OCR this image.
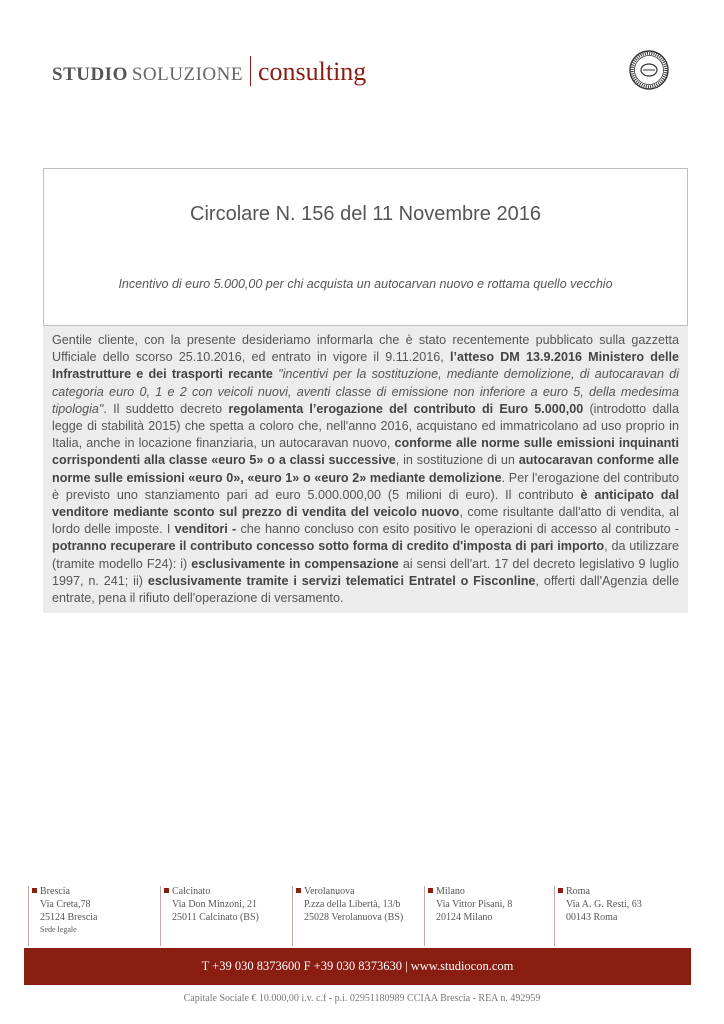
STUDIO SOLUZIONE consulting
Circolare N. 156 del 11 Novembre 2016
Incentivo di euro 5.000,00 per chi acquista un autocarvan nuovo e rottama quello vecchio
Gentile cliente, con la presente desideriamo informarla che è stato recentemente pubblicato sulla gazzetta Ufficiale dello scorso 25.10.2016, ed entrato in vigore il 9.11.2016, l’atteso DM 13.9.2016 Ministero delle Infrastrutture e dei trasporti recante "incentivi per la sostituzione, mediante demolizione, di autocaravan di categoria euro 0, 1 e 2 con veicoli nuovi, aventi classe di emissione non inferiore a euro 5, della medesima tipologia". Il suddetto decreto regolamenta l’erogazione del contributo di Euro 5.000,00 (introdotto dalla legge di stabilità 2015) che spetta a coloro che, nell'anno 2016, acquistano ed immatricolano ad uso proprio in Italia, anche in locazione finanziaria, un autocaravan nuovo, conforme alle norme sulle emissioni inquinanti corrispondenti alla classe «euro 5» o a classi successive, in sostituzione di un autocaravan conforme alle norme sulle emissioni «euro 0», «euro 1» o «euro 2» mediante demolizione. Per l'erogazione del contributo è previsto uno stanziamento pari ad euro 5.000.000,00 (5 milioni di euro). Il contributo è anticipato dal venditore mediante sconto sul prezzo di vendita del veicolo nuovo, come risultante dall'atto di vendita, al lordo delle imposte. I venditori - che hanno concluso con esito positivo le operazioni di accesso al contributo - potranno recuperare il contributo concesso sotto forma di credito d'imposta di pari importo, da utilizzare (tramite modello F24): i) esclusivamente in compensazione ai sensi dell'art. 17 del decreto legislativo 9 luglio 1997, n. 241; ii) esclusivamente tramite i servizi telematici Entratel o Fisconline, offerti dall'Agenzia delle entrate, pena il rifiuto dell'operazione di versamento.
Brescia
Via Creta,78
25124 Brescia
Sede legale
Calcinato
Via Don Minzoni, 21
25011 Calcinato (BS)
Verolanuova
P.zza della Libertà, 13/b
25028 Verolanuova (BS)
Milano
Via Vittor Pisani, 8
20124 Milano
Roma
Via A. G. Resti, 63
00143 Roma
T +39 030 8373600 F +39 030 8373630 | www.studiocon.com
Capitale Sociale € 10.000,00 i.v. c.f - p.i. 02951180989 CCIAA Brescia - REA n. 492959
